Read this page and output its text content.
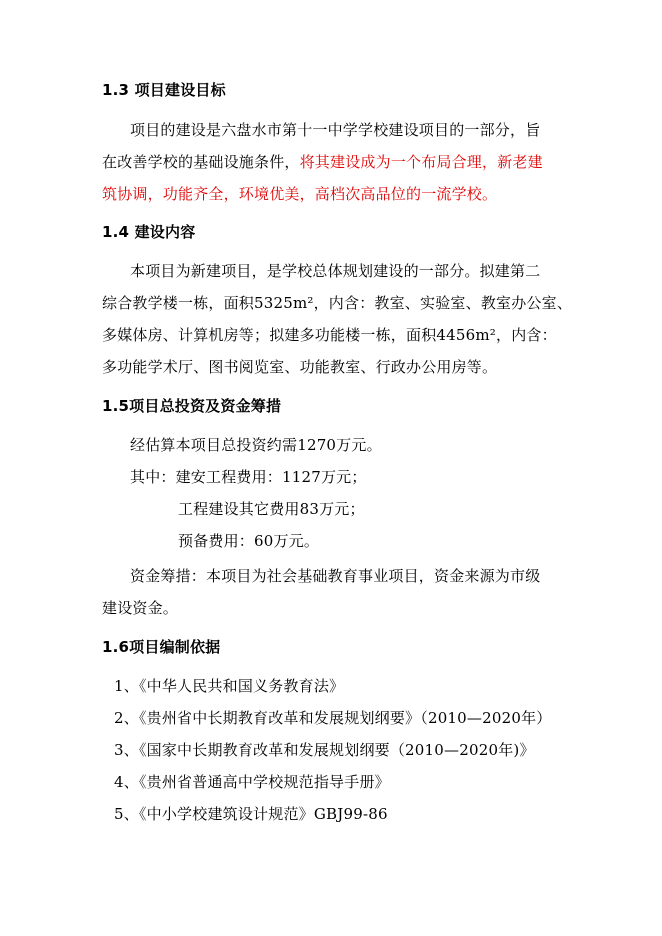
1.3 项目建设目标
项目的建设是六盘水市第十一中学学校建设项目的一部分，旨
在改善学校的基础设施条件，将其建设成为一个布局合理，新老建
筑协调，功能齐全，环境优美，高档次高品位的一流学校。
1.4 建设内容
本项目为新建项目，是学校总体规划建设的一部分。拟建第二
综合教学楼一栋，面积5325m²，内含：教室、实验室、教室办公室、
多媒体房、计算机房等；拟建多功能楼一栋，面积4456m²，内含：
多功能学术厅、图书阅览室、功能教室、行政办公用房等。
1.5项目总投资及资金筹措
经估算本项目总投资约需1270万元。
其中：建安工程费用：1127万元；
工程建设其它费用83万元；
预备费用：60万元。
资金筹措：本项目为社会基础教育事业项目，资金来源为市级
建设资金。
1.6项目编制依据
1、《中华人民共和国义务教育法》
2、《贵州省中长期教育改革和发展规划纲要》（2010—2020年）
3、《国家中长期教育改革和发展规划纲要（2010—2020年)》
4、《贵州省普通高中学校规范指导手册》
5、《中小学校建筑设计规范》GBJ99-86
